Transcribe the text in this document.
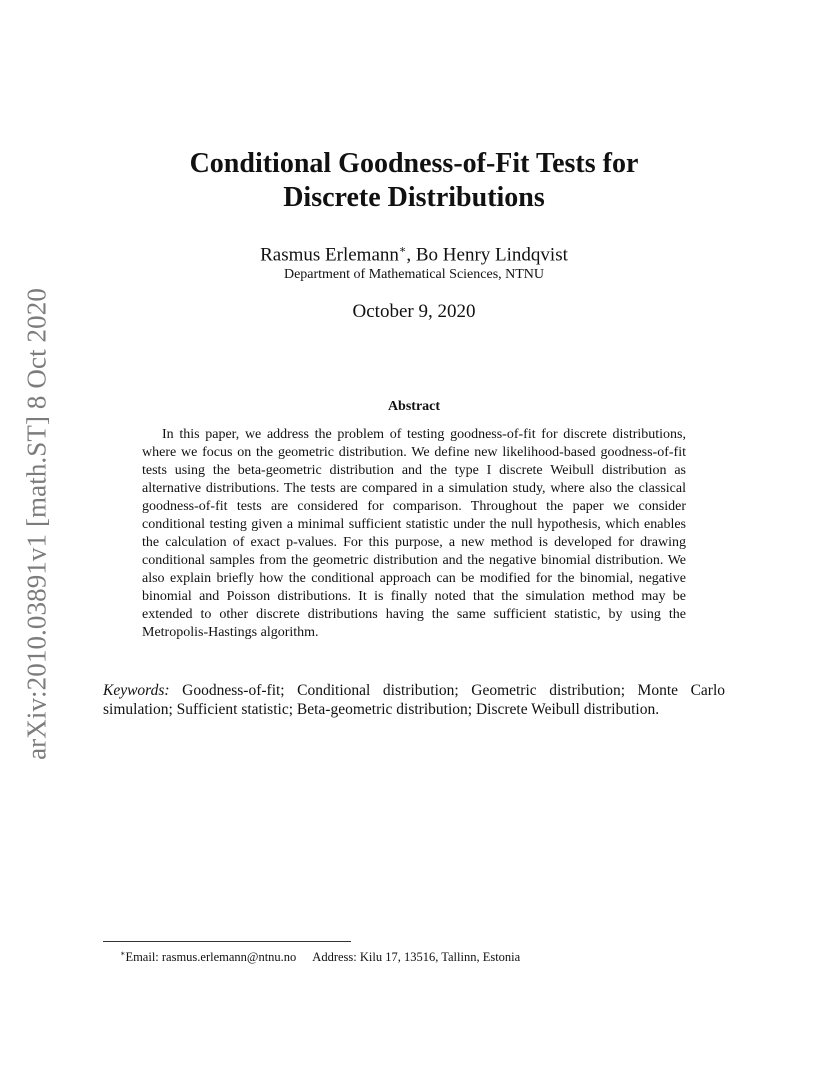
arXiv:2010.03891v1 [math.ST] 8 Oct 2020
Conditional Goodness-of-Fit Tests for
Discrete Distributions
Rasmus Erlemann∗, Bo Henry Lindqvist
Department of Mathematical Sciences, NTNU
October 9, 2020
Abstract

In this paper, we address the problem of testing goodness-of-fit for discrete distributions, where we focus on the geometric distribution. We define new likelihood-based goodness-of-fit tests using the beta-geometric distribution and the type I discrete Weibull distribution as alternative distributions. The tests are compared in a simulation study, where also the classical goodness-of-fit tests are considered for comparison. Throughout the paper we consider conditional testing given a minimal sufficient statistic under the null hypothesis, which enables the calculation of exact p-values. For this purpose, a new method is developed for drawing conditional samples from the geometric distribution and the negative binomial distribution. We also explain briefly how the conditional approach can be modified for the binomial, negative binomial and Poisson distributions. It is finally noted that the simulation method may be extended to other discrete distributions having the same sufficient statistic, by using the Metropolis-Hastings algorithm.

Keywords: Goodness-of-fit; Conditional distribution; Geometric distribution; Monte Carlo simulation; Sufficient statistic; Beta-geometric distribution; Discrete Weibull distribution.

∗Email: rasmus.erlemann@ntnu.no Address: Kilu 17, 13516, Tallinn, Estonia
